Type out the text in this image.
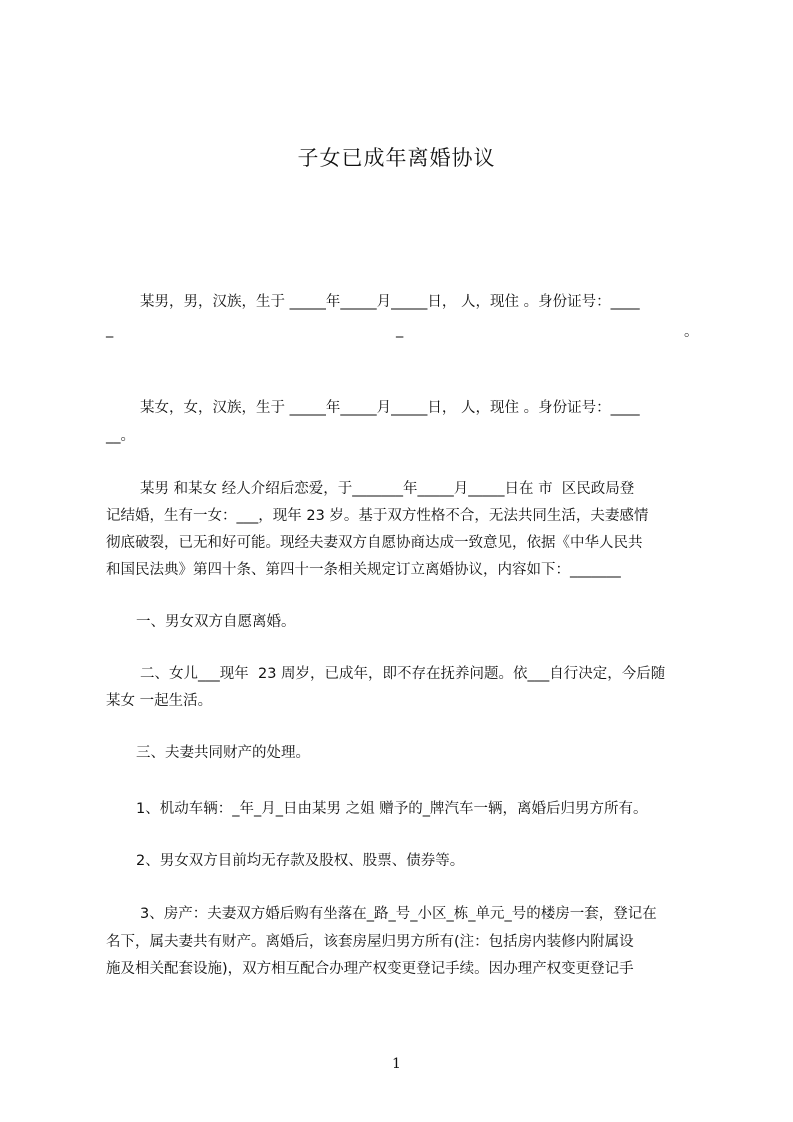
子女已成年离婚协议
某男，男，汉族，生于 _____年_____月_____日， 人，现住 。身份证号：____
_	_	。
某女，女，汉族，生于 _____年_____月_____日， 人，现住 。身份证号：____
__。
某男 和某女 经人介绍后恋爱，于_______年_____月_____日在 市  区民政局登
记结婚，生有一女：___，现年 23 岁。基于双方性格不合，无法共同生活，夫妻感情
彻底破裂，已无和好可能。现经夫妻双方自愿协商达成一致意见，依据《中华人民共
和国民法典》第四十条、第四十一条相关规定订立离婚协议，内容如下：_______
一、男女双方自愿离婚。
二、女儿___现年  23 周岁，已成年，即不存在抚养问题。依___自行决定，今后随
某女 一起生活。
三、夫妻共同财产的处理。
1、机动车辆：_年_月_日由某男 之姐 赠予的_牌汽车一辆，离婚后归男方所有。
2、男女双方目前均无存款及股权、股票、债券等。
3、房产：夫妻双方婚后购有坐落在_路_号_小区_栋_单元_号的楼房一套，登记在
名下，属夫妻共有财产。离婚后，该套房屋归男方所有(注：包括房内装修内附属设
施及相关配套设施)，双方相互配合办理产权变更登记手续。因办理产权变更登记手
1
